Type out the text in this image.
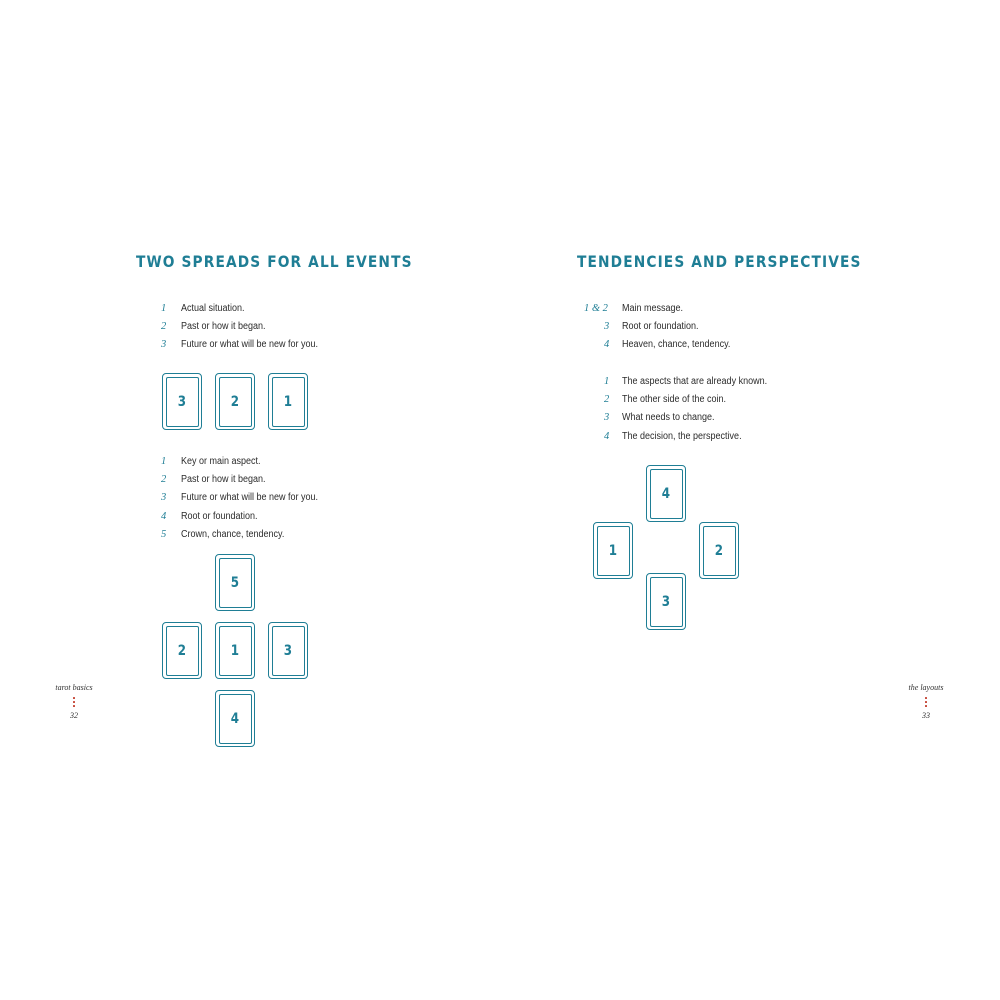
TWO SPREADS FOR ALL EVENTS
1 Actual situation.
2 Past or how it began.
3 Future or what will be new for you.
3	2	1
1 Key or main aspect.
2 Past or how it began.
3 Future or what will be new for you.
4 Root or foundation.
5 Crown, chance, tendency.
5
2	1	3
4
tarot basics
32
TENDENCIES AND PERSPECTIVES
1 & 2 Main message.
3 Root or foundation.
4 Heaven, chance, tendency.
1 The aspects that are already known.
2 The other side of the coin.
3 What needs to change.
4 The decision, the perspective.
4
1	2
3
the layouts
33
